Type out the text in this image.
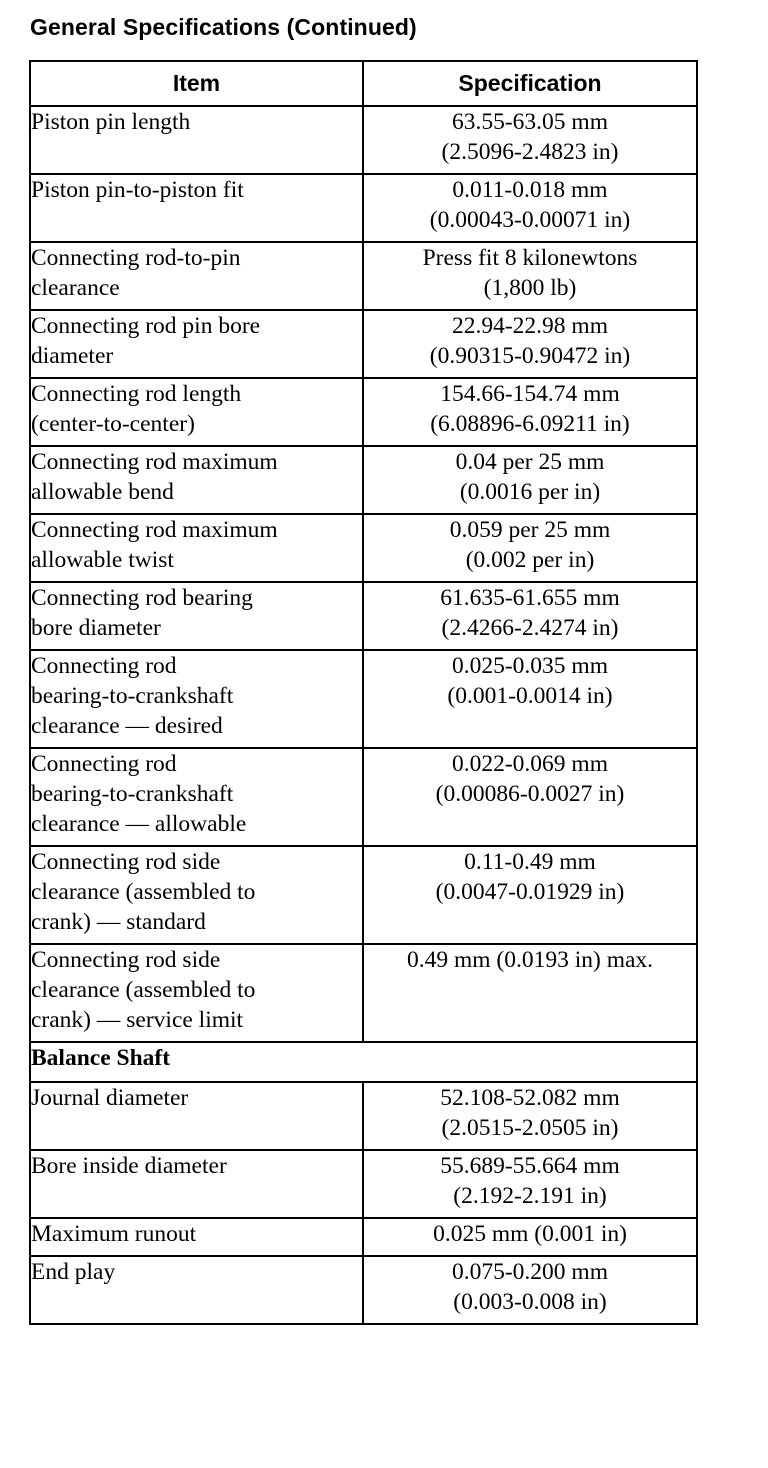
General Specifications (Continued)
Item	Specification

Piston pin length	63.55-63.05 mm
(2.5096-2.4823 in)

Piston pin-to-piston fit	0.011-0.018 mm
(0.00043-0.00071 in)

Connecting rod-to-pin
clearance	Press fit 8 kilonewtons
(1,800 lb)

Connecting rod pin bore
diameter	22.94-22.98 mm
(0.90315-0.90472 in)

Connecting rod length
(center-to-center)	154.66-154.74 mm
(6.08896-6.09211 in)

Connecting rod maximum
allowable bend	0.04 per 25 mm
(0.0016 per in)

Connecting rod maximum
allowable twist	0.059 per 25 mm
(0.002 per in)

Connecting rod bearing
bore diameter	61.635-61.655 mm
(2.4266-2.4274 in)

Connecting rod
bearing-to-crankshaft
clearance — desired	0.025-0.035 mm
(0.001-0.0014 in)

Connecting rod
bearing-to-crankshaft
clearance — allowable	0.022-0.069 mm
(0.00086-0.0027 in)

Connecting rod side
clearance (assembled to
crank) — standard	0.11-0.49 mm
(0.0047-0.01929 in)

Connecting rod side
clearance (assembled to
crank) — service limit	0.49 mm (0.0193 in) max.

Balance Shaft	

Journal diameter	52.108-52.082 mm
(2.0515-2.0505 in)

Bore inside diameter	55.689-55.664 mm
(2.192-2.191 in)

Maximum runout	0.025 mm (0.001 in)

End play	0.075-0.200 mm
(0.003-0.008 in)
